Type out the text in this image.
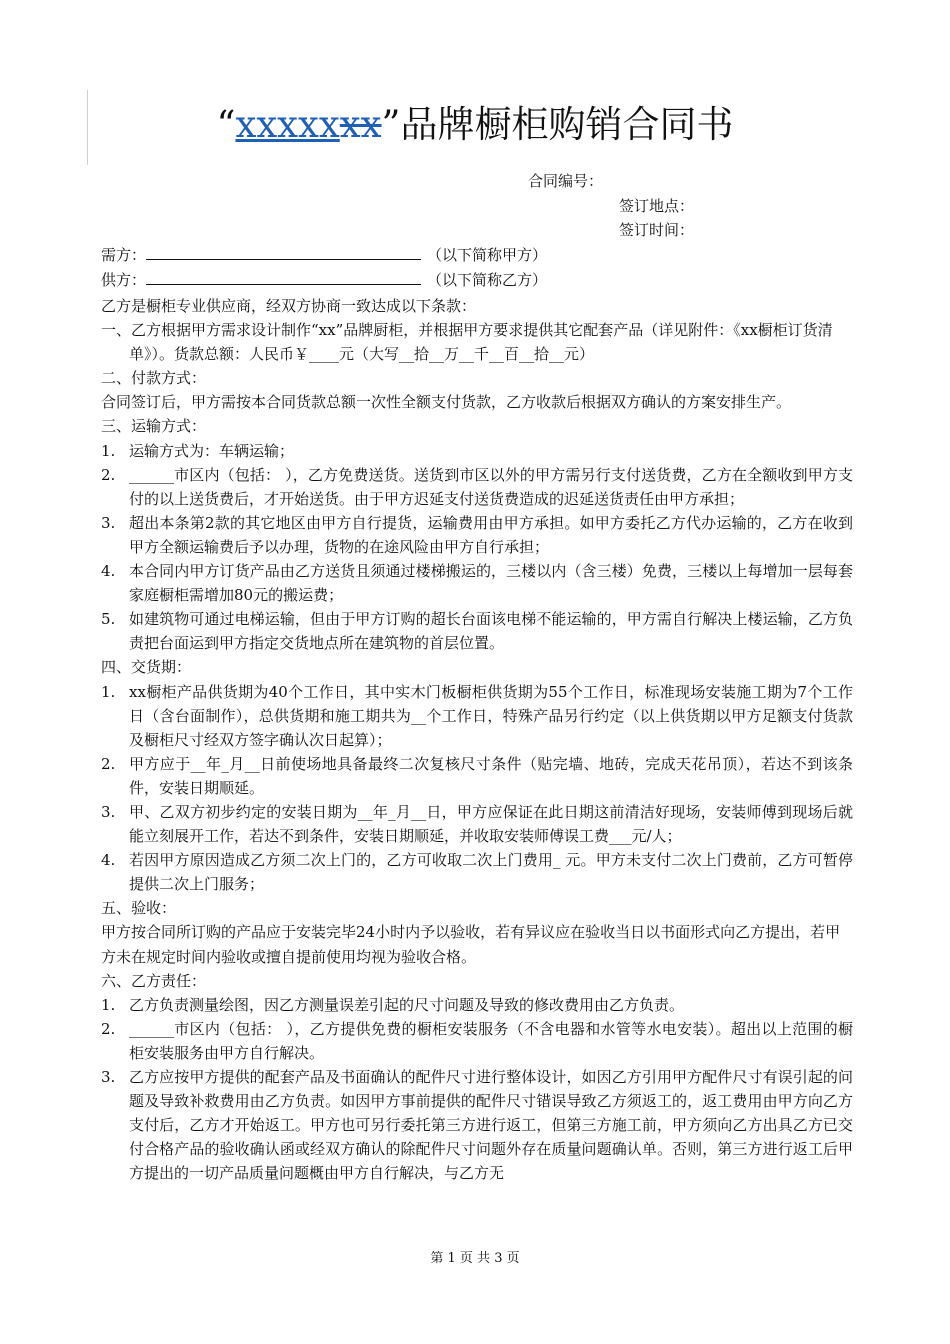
“xxxxxxx”品牌橱柜购销合同书
合同编号：
签订地点：
签订时间：
需方：	（以下简称甲方）
供方：	（以下简称乙方）

乙方是橱柜专业供应商，经双方协商一致达成以下条款：

一、乙方根据甲方需求设计制作“xx”品牌厨柜，并根据甲方要求提供其它配套产品（详见附件：《xx橱柜订货清单》）。货款总额：人民币￥____元（大写__拾__万__千__百__拾__元）

二、付款方式：

合同签订后，甲方需按本合同货款总额一次性全额支付货款，乙方收款后根据双方确认的方案安排生产。

三、运输方式：

1. 运输方式为：车辆运输；
2. ______市区内（包括： ），乙方免费送货。送货到市区以外的甲方需另行支付送货费，乙方在全额收到甲方支付的以上送货费后，才开始送货。由于甲方迟延支付送货费造成的迟延送货责任由甲方承担；
3. 超出本条第2款的其它地区由甲方自行提货，运输费用由甲方承担。如甲方委托乙方代办运输的，乙方在收到甲方全额运输费后予以办理，货物的在途风险由甲方自行承担；
4. 本合同内甲方订货产品由乙方送货且须通过楼梯搬运的，三楼以内（含三楼）免费，三楼以上每增加一层每套家庭橱柜需增加80元的搬运费；
5. 如建筑物可通过电梯运输，但由于甲方订购的超长台面该电梯不能运输的，甲方需自行解决上楼运输，乙方负责把台面运到甲方指定交货地点所在建筑物的首层位置。

四、交货期：

1. xx橱柜产品供货期为40个工作日，其中实木门板橱柜供货期为55个工作日，标准现场安装施工期为7个工作日（含台面制作），总供货期和施工期共为__个工作日，特殊产品另行约定（以上供货期以甲方足额支付货款及橱柜尺寸经双方签字确认次日起算）；
2. 甲方应于__年_月__日前使场地具备最终二次复核尺寸条件（贴完墙、地砖，完成天花吊顶），若达不到该条件，安装日期顺延。
3. 甲、乙双方初步约定的安装日期为__年_月__日，甲方应保证在此日期这前清洁好现场，安装师傅到现场后就能立刻展开工作，若达不到条件，安装日期顺延，并收取安装师傅误工费___元/人；
4. 若因甲方原因造成乙方须二次上门的，乙方可收取二次上门费用_ 元。甲方未支付二次上门费前，乙方可暂停提供二次上门服务；

五、验收：

甲方按合同所订购的产品应于安装完毕24小时内予以验收，若有异议应在验收当日以书面形式向乙方提出，若甲方未在规定时间内验收或擅自提前使用均视为验收合格。

六、乙方责任：

1. 乙方负责测量绘图，因乙方测量误差引起的尺寸问题及导致的修改费用由乙方负责。
2. ______市区内（包括： ），乙方提供免费的橱柜安装服务（不含电器和水管等水电安装）。超出以上范围的橱柜安装服务由甲方自行解决。
3. 乙方应按甲方提供的配套产品及书面确认的配件尺寸进行整体设计，如因乙方引用甲方配件尺寸有误引起的问题及导致补救费用由乙方负责。如因甲方事前提供的配件尺寸错误导致乙方须返工的，返工费用由甲方向乙方支付后，乙方才开始返工。甲方也可另行委托第三方进行返工，但第三方施工前，甲方须向乙方出具乙方已交付合格产品的验收确认函或经双方确认的除配件尺寸问题外存在质量问题确认单。否则，第三方进行返工后甲方提出的一切产品质量问题概由甲方自行解决，与乙方无
第 1 页 共 3 页
